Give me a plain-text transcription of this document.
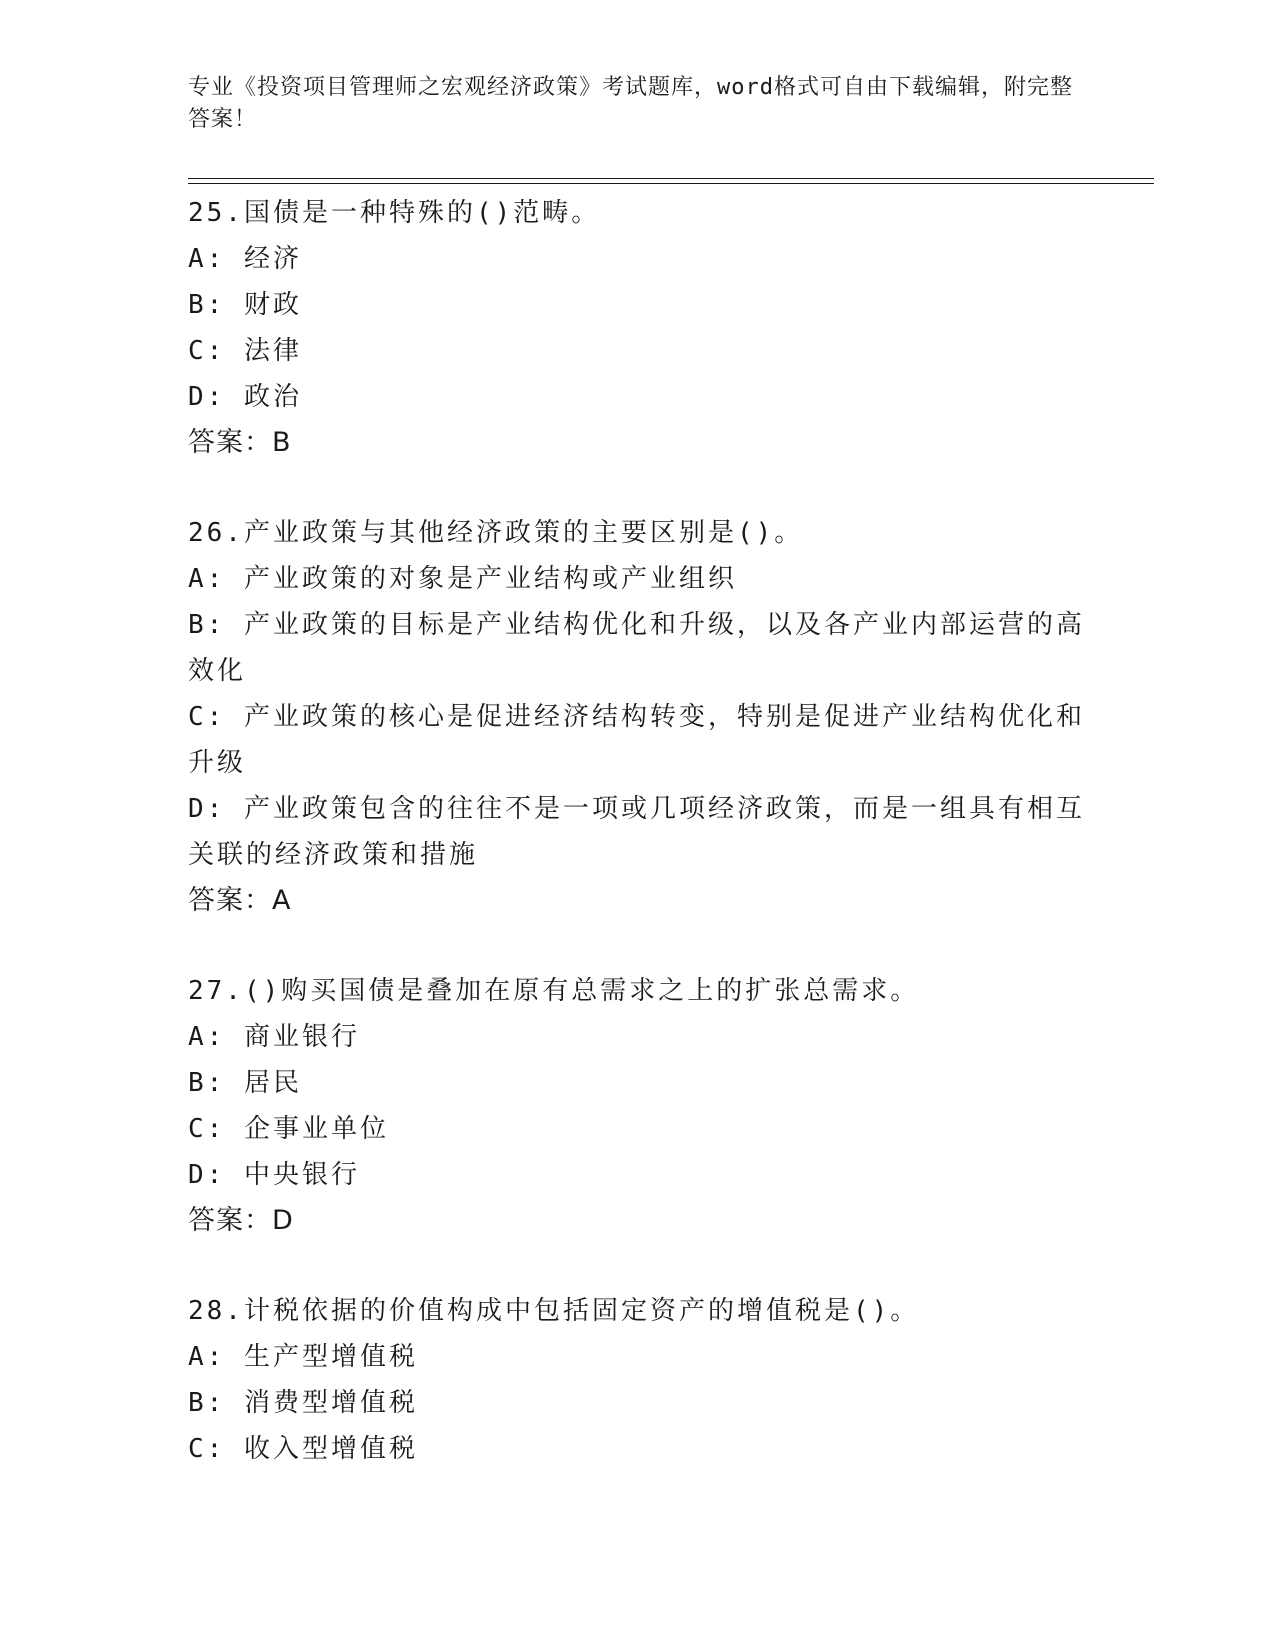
专业《投资项目管理师之宏观经济政策》考试题库，word格式可自由下载编辑，附完整答案！

25.国债是一种特殊的()范畴。

A: 经济

B: 财政

C: 法律

D: 政治

答案：B

26.产业政策与其他经济政策的主要区别是()。

A: 产业政策的对象是产业结构或产业组织

B: 产业政策的目标是产业结构优化和升级，以及各产业内部运营的高效化

C: 产业政策的核心是促进经济结构转变，特别是促进产业结构优化和升级

D: 产业政策包含的往往不是一项或几项经济政策，而是一组具有相互关联的经济政策和措施

答案：A

27.()购买国债是叠加在原有总需求之上的扩张总需求。

A: 商业银行

B: 居民

C: 企事业单位

D: 中央银行

答案：D

28.计税依据的价值构成中包括固定资产的增值税是()。

A: 生产型增值税

B: 消费型增值税

C: 收入型增值税
